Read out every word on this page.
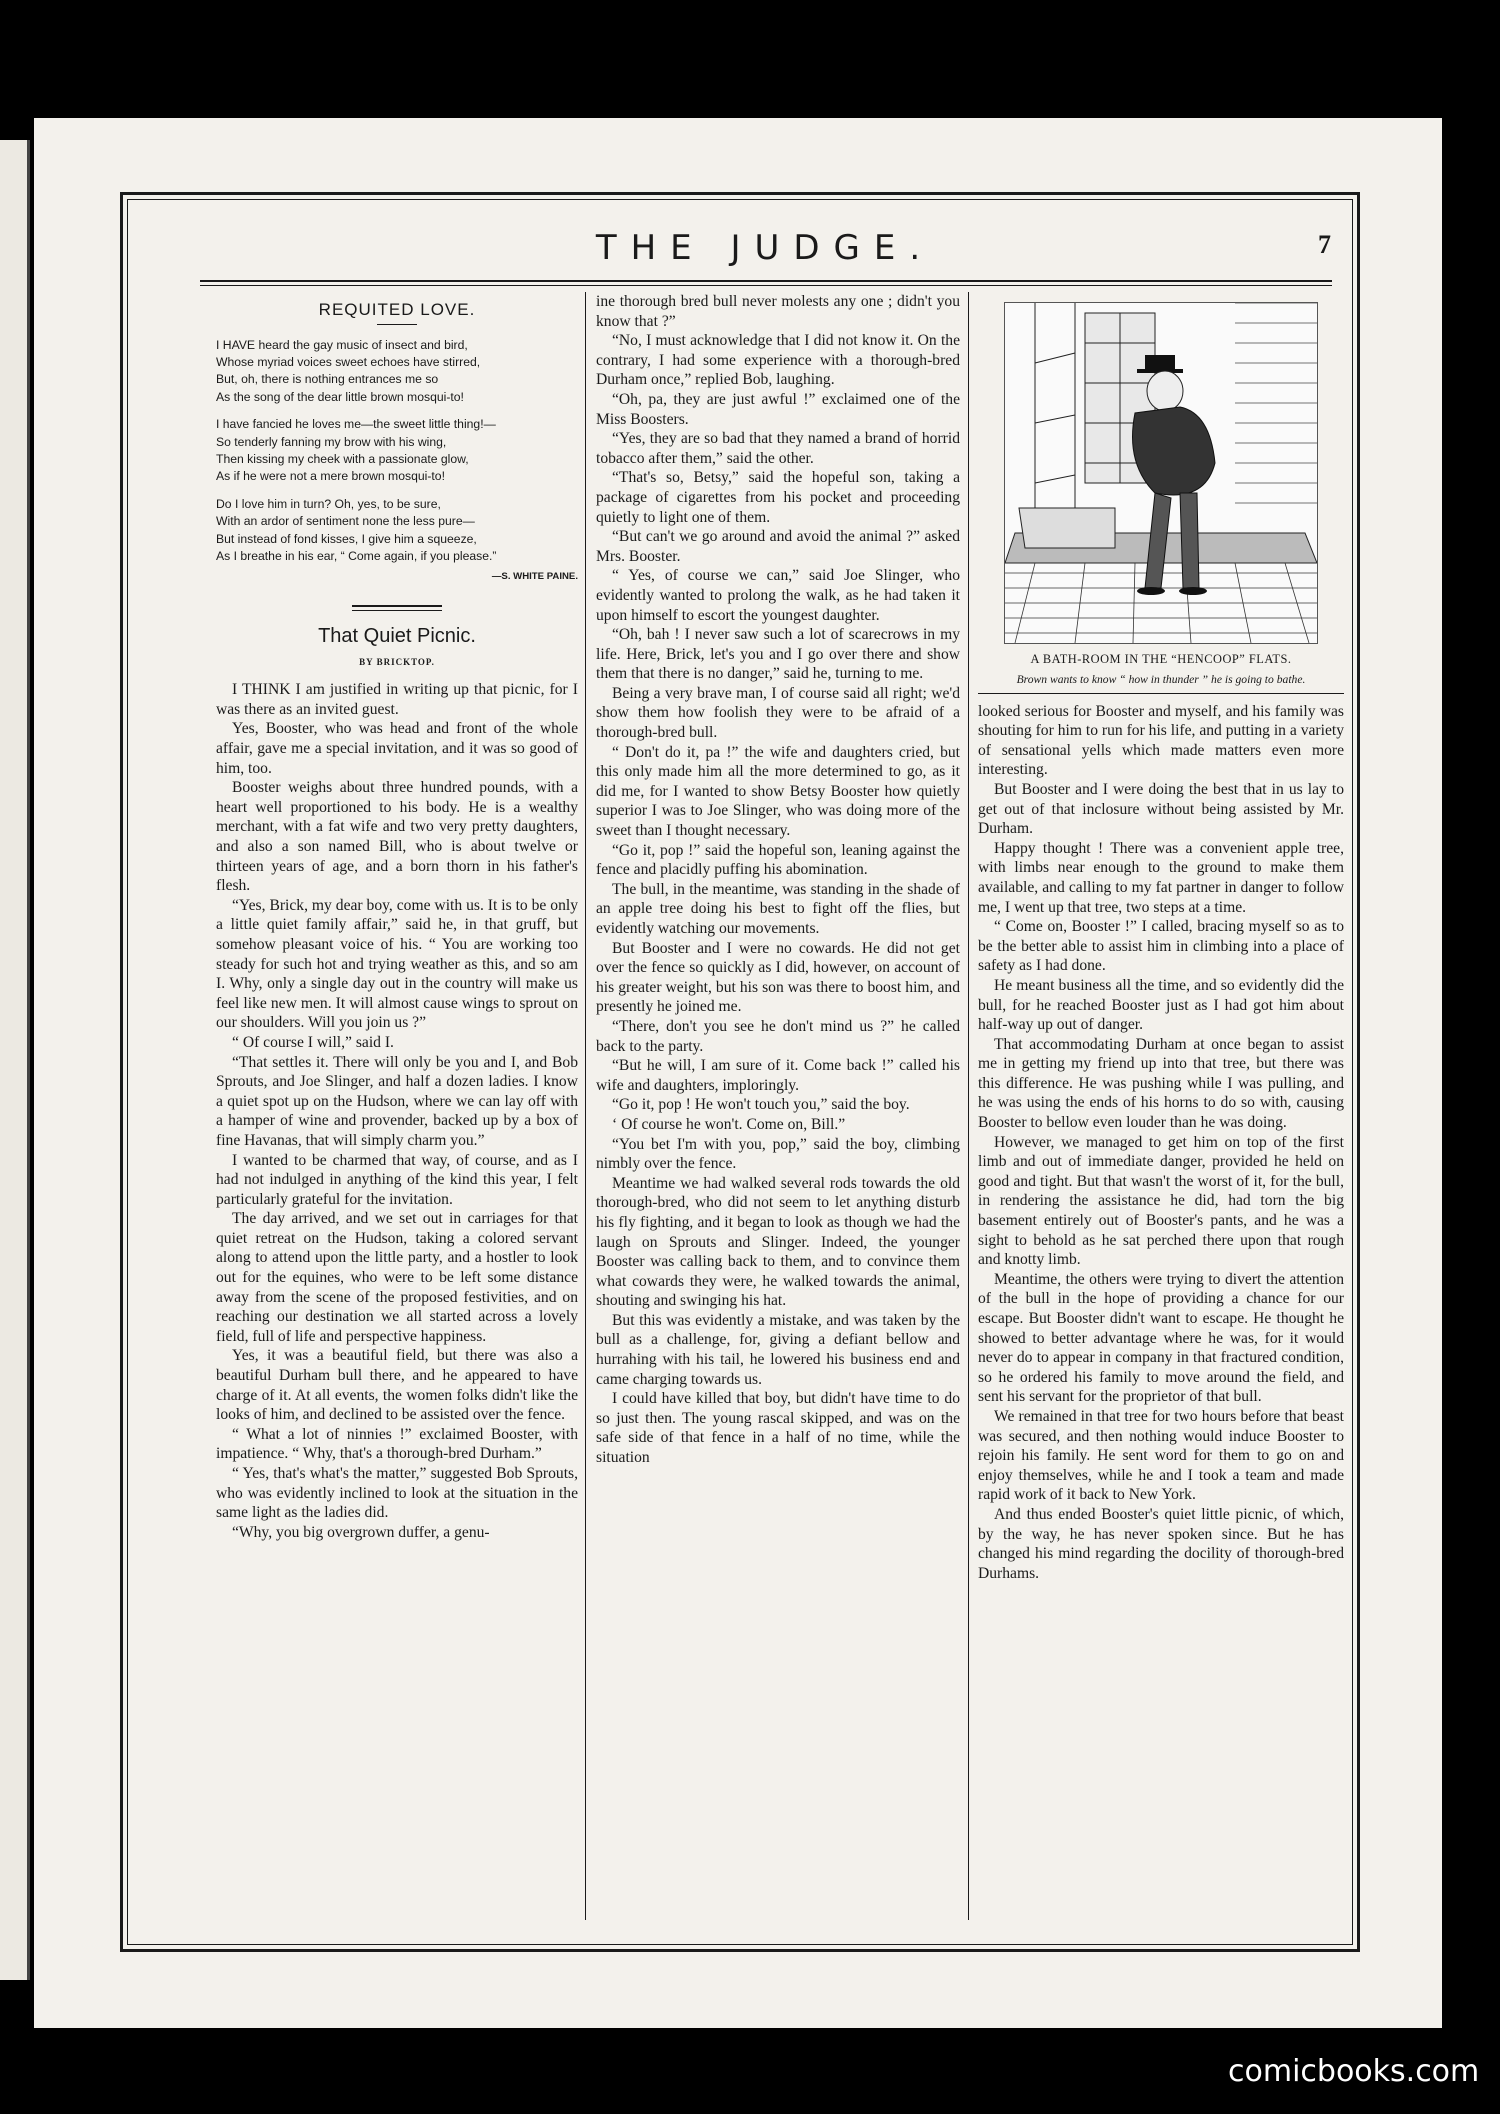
THE JUDGE.	7
REQUITED LOVE.
I HAVE heard the gay music of insect and bird,
Whose myriad voices sweet echoes have stirred,
But, oh, there is nothing entrances me so
As the song of the dear little brown mosqui-to!
I have fancied he loves me—the sweet little thing!—
So tenderly fanning my brow with his wing,
Then kissing my cheek with a passionate glow,
As if he were not a mere brown mosqui-to!
Do I love him in turn? Oh, yes, to be sure,
With an ardor of sentiment none the less pure—
But instead of fond kisses, I give him a squeeze,
As I breathe in his ear, “ Come again, if you please.”
—S. WHITE PAINE.
That Quiet Picnic.
BY BRICKTOP.

I THINK I am justified in writing up that picnic, for I was there as an invited guest.

Yes, Booster, who was head and front of the whole affair, gave me a special invitation, and it was so good of him, too.

Booster weighs about three hundred pounds, with a heart well proportioned to his body. He is a wealthy merchant, with a fat wife and two very pretty daughters, and also a son named Bill, who is about twelve or thirteen years of age, and a born thorn in his father's flesh.

“Yes, Brick, my dear boy, come with us. It is to be only a little quiet family affair,” said he, in that gruff, but somehow pleasant voice of his. “ You are working too steady for such hot and trying weather as this, and so am I. Why, only a single day out in the country will make us feel like new men. It will almost cause wings to sprout on our shoulders. Will you join us ?”

“ Of course I will,” said I.

“That settles it. There will only be you and I, and Bob Sprouts, and Joe Slinger, and half a dozen ladies. I know a quiet spot up on the Hudson, where we can lay off with a hamper of wine and provender, backed up by a box of fine Havanas, that will simply charm you.”

I wanted to be charmed that way, of course, and as I had not indulged in anything of the kind this year, I felt particularly grateful for the invitation.

The day arrived, and we set out in carriages for that quiet retreat on the Hudson, taking a colored servant along to attend upon the little party, and a hostler to look out for the equines, who were to be left some distance away from the scene of the proposed festivities, and on reaching our destination we all started across a lovely field, full of life and perspective happiness.

Yes, it was a beautiful field, but there was also a beautiful Durham bull there, and he appeared to have charge of it. At all events, the women folks didn't like the looks of him, and declined to be assisted over the fence.

“ What a lot of ninnies !” exclaimed Booster, with impatience. “ Why, that's a thorough-bred Durham.”

“ Yes, that's what's the matter,” suggested Bob Sprouts, who was evidently inclined to look at the situation in the same light as the ladies did.

“Why, you big overgrown duffer, a genu-

ine thorough bred bull never molests any one ; didn't you know that ?”

“No, I must acknowledge that I did not know it. On the contrary, I had some experience with a thorough-bred Durham once,” replied Bob, laughing.

“Oh, pa, they are just awful !” exclaimed one of the Miss Boosters.

“Yes, they are so bad that they named a brand of horrid tobacco after them,” said the other.

“That's so, Betsy,” said the hopeful son, taking a package of cigarettes from his pocket and proceeding quietly to light one of them.

“But can't we go around and avoid the animal ?” asked Mrs. Booster.

“ Yes, of course we can,” said Joe Slinger, who evidently wanted to prolong the walk, as he had taken it upon himself to escort the youngest daughter.

“Oh, bah ! I never saw such a lot of scarecrows in my life. Here, Brick, let's you and I go over there and show them that there is no danger,” said he, turning to me.

Being a very brave man, I of course said all right; we'd show them how foolish they were to be afraid of a thorough-bred bull.

“ Don't do it, pa !” the wife and daughters cried, but this only made him all the more determined to go, as it did me, for I wanted to show Betsy Booster how quietly superior I was to Joe Slinger, who was doing more of the sweet than I thought necessary.

“Go it, pop !” said the hopeful son, leaning against the fence and placidly puffing his abomination.

The bull, in the meantime, was standing in the shade of an apple tree doing his best to fight off the flies, but evidently watching our movements.

But Booster and I were no cowards. He did not get over the fence so quickly as I did, however, on account of his greater weight, but his son was there to boost him, and presently he joined me.

“There, don't you see he don't mind us ?” he called back to the party.

“But he will, I am sure of it. Come back !” called his wife and daughters, imploringly.

“Go it, pop ! He won't touch you,” said the boy.

‘ Of course he won't. Come on, Bill.”

“You bet I'm with you, pop,” said the boy, climbing nimbly over the fence.

Meantime we had walked several rods towards the old thorough-bred, who did not seem to let anything disturb his fly fighting, and it began to look as though we had the laugh on Sprouts and Slinger. Indeed, the younger Booster was calling back to them, and to convince them what cowards they were, he walked towards the animal, shouting and swinging his hat.

But this was evidently a mistake, and was taken by the bull as a challenge, for, giving a defiant bellow and hurrahing with his tail, he lowered his business end and came charging towards us.

I could have killed that boy, but didn't have time to do so just then. The young rascal skipped, and was on the safe side of that fence in a half of no time, while the situation

A BATH-ROOM IN THE “HENCOOP” FLATS.
Brown wants to know “ how in thunder ” he is going to bathe.

looked serious for Booster and myself, and his family was shouting for him to run for his life, and putting in a variety of sensational yells which made matters even more interesting.

But Booster and I were doing the best that in us lay to get out of that inclosure without being assisted by Mr. Durham.

Happy thought ! There was a convenient apple tree, with limbs near enough to the ground to make them available, and calling to my fat partner in danger to follow me, I went up that tree, two steps at a time.

“ Come on, Booster !” I called, bracing myself so as to be the better able to assist him in climbing into a place of safety as I had done.

He meant business all the time, and so evidently did the bull, for he reached Booster just as I had got him about half-way up out of danger.

That accommodating Durham at once began to assist me in getting my friend up into that tree, but there was this difference. He was pushing while I was pulling, and he was using the ends of his horns to do so with, causing Booster to bellow even louder than he was doing.

However, we managed to get him on top of the first limb and out of immediate danger, provided he held on good and tight. But that wasn't the worst of it, for the bull, in rendering the assistance he did, had torn the big basement entirely out of Booster's pants, and he was a sight to behold as he sat perched there upon that rough and knotty limb.

Meantime, the others were trying to divert the attention of the bull in the hope of providing a chance for our escape. But Booster didn't want to escape. He thought he showed to better advantage where he was, for it would never do to appear in company in that fractured condition, so he ordered his family to move around the field, and sent his servant for the proprietor of that bull.

We remained in that tree for two hours before that beast was secured, and then nothing would induce Booster to rejoin his family. He sent word for them to go on and enjoy themselves, while he and I took a team and made rapid work of it back to New York.

And thus ended Booster's quiet little picnic, of which, by the way, he has never spoken since. But he has changed his mind regarding the docility of thorough-bred Durhams.

comicbooks.com
